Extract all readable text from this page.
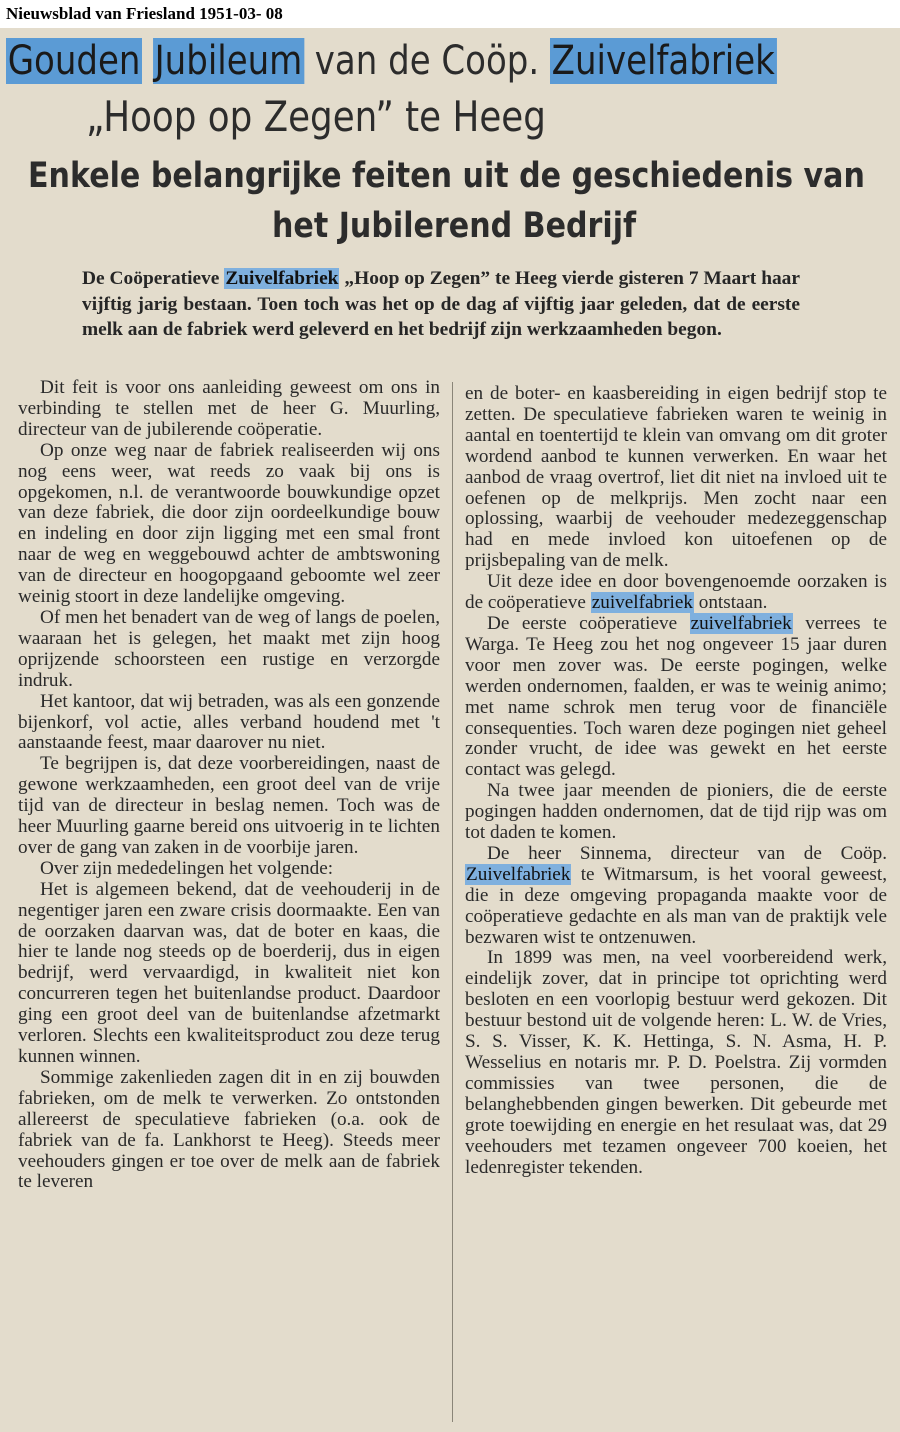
Nieuwsblad van Friesland 1951-03- 08
Gouden Jubileum van de Coöp. Zuivelfabriek
„Hoop op Zegen” te Heeg
Enkele belangrijke feiten uit de geschiedenis van
het Jubilerend Bedrijf
De Coöperatieve Zuivelfabriek „Hoop op Zegen” te Heeg vierde gisteren 7 Maart haar vijftig jarig bestaan. Toen toch was het op de dag af vijftig jaar geleden, dat de eerste melk aan de fabriek werd geleverd en het bedrijf zijn werkzaamheden begon.

Dit feit is voor ons aanleiding geweest om ons in verbinding te stellen met de heer G. Muurling, directeur van de jubilerende coöperatie.

Op onze weg naar de fabriek realiseerden wij ons nog eens weer, wat reeds zo vaak bij ons is opgekomen, n.l. de verantwoorde bouwkundige opzet van deze fabriek, die door zijn oordeelkundige bouw en indeling en door zijn ligging met een smal front naar de weg en weggebouwd achter de ambtswoning van de directeur en hoogopgaand geboomte wel zeer weinig stoort in deze landelijke omgeving.

Of men het benadert van de weg of langs de poelen, waaraan het is gelegen, het maakt met zijn hoog oprijzende schoorsteen een rustige en verzorgde indruk.

Het kantoor, dat wij betraden, was als een gonzende bijenkorf, vol actie, alles verband houdend met 't aanstaande feest, maar daarover nu niet.

Te begrijpen is, dat deze voorbereidingen, naast de gewone werkzaamheden, een groot deel van de vrije tijd van de directeur in beslag nemen. Toch was de heer Muurling gaarne bereid ons uitvoerig in te lichten over de gang van zaken in de voorbije jaren.

Over zijn mededelingen het volgende:

Het is algemeen bekend, dat de veehouderij in de negentiger jaren een zware crisis doormaakte. Een van de oorzaken daarvan was, dat de boter en kaas, die hier te lande nog steeds op de boerderij, dus in eigen bedrijf, werd vervaardigd, in kwaliteit niet kon concurreren tegen het buitenlandse product. Daardoor ging een groot deel van de buitenlandse afzetmarkt verloren. Slechts een kwaliteitsproduct zou deze terug kunnen winnen.

Sommige zakenlieden zagen dit in en zij bouwden fabrieken, om de melk te verwerken. Zo ontstonden allereerst de speculatieve fabrieken (o.a. ook de fabriek van de fa. Lankhorst te Heeg). Steeds meer veehouders gingen er toe over de melk aan de fabriek te leveren

en de boter- en kaasbereiding in eigen bedrijf stop te zetten. De speculatieve fabrieken waren te weinig in aantal en toentertijd te klein van omvang om dit groter wordend aanbod te kunnen verwerken. En waar het aanbod de vraag overtrof, liet dit niet na invloed uit te oefenen op de melkprijs. Men zocht naar een oplossing, waarbij de veehouder medezeggenschap had en mede invloed kon uitoefenen op de prijsbepaling van de melk.

Uit deze idee en door bovengenoemde oorzaken is de coöperatieve zuivelfabriek ontstaan.

De eerste coöperatieve zuivelfabriek verrees te Warga. Te Heeg zou het nog ongeveer 15 jaar duren voor men zover was. De eerste pogingen, welke werden ondernomen, faalden, er was te weinig animo; met name schrok men terug voor de financiële consequenties. Toch waren deze pogingen niet geheel zonder vrucht, de idee was gewekt en het eerste contact was gelegd.

Na twee jaar meenden de pioniers, die de eerste pogingen hadden ondernomen, dat de tijd rijp was om tot daden te komen.

De heer Sinnema, directeur van de Coöp. Zuivelfabriek te Witmarsum, is het vooral geweest, die in deze omgeving propaganda maakte voor de coöperatieve gedachte en als man van de praktijk vele bezwaren wist te ontzenuwen.

In 1899 was men, na veel voorbereidend werk, eindelijk zover, dat in principe tot oprichting werd besloten en een voorlopig bestuur werd gekozen. Dit bestuur bestond uit de volgende heren: L. W. de Vries, S. S. Visser, K. K. Hettinga, S. N. Asma, H. P. Wesselius en notaris mr. P. D. Poelstra. Zij vormden commissies van twee personen, die de belanghebbenden gingen bewerken. Dit gebeurde met grote toewijding en energie en het resulaat was, dat 29 veehouders met tezamen ongeveer 700 koeien, het ledenregister tekenden.
